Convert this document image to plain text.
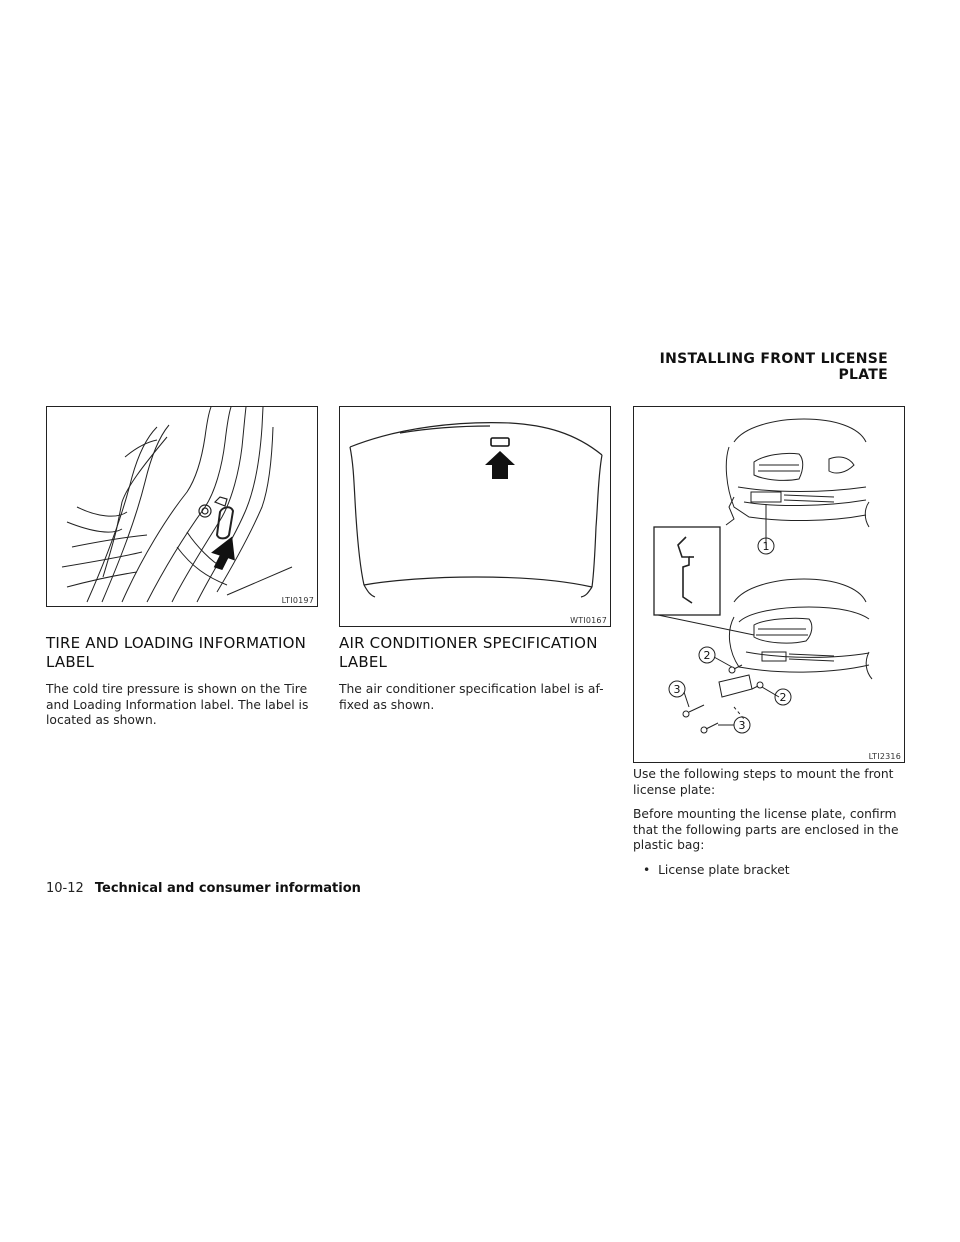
INSTALLING FRONT LICENSE PLATE
LTI0197
WTI0167
1
2
2
3
3
LTI2316
TIRE AND LOADING INFORMATION
LABEL
The cold tire pressure is shown on the Tire
and Loading Information label. The label is
located as shown.
AIR CONDITIONER SPECIFICATION
LABEL
The air conditioner specification label is af-
fixed as shown.
Use the following steps to mount the front
license plate:
Before mounting the license plate, confirm
that the following parts are enclosed in the
plastic bag:
•  License plate bracket
10-12 Technical and consumer information
